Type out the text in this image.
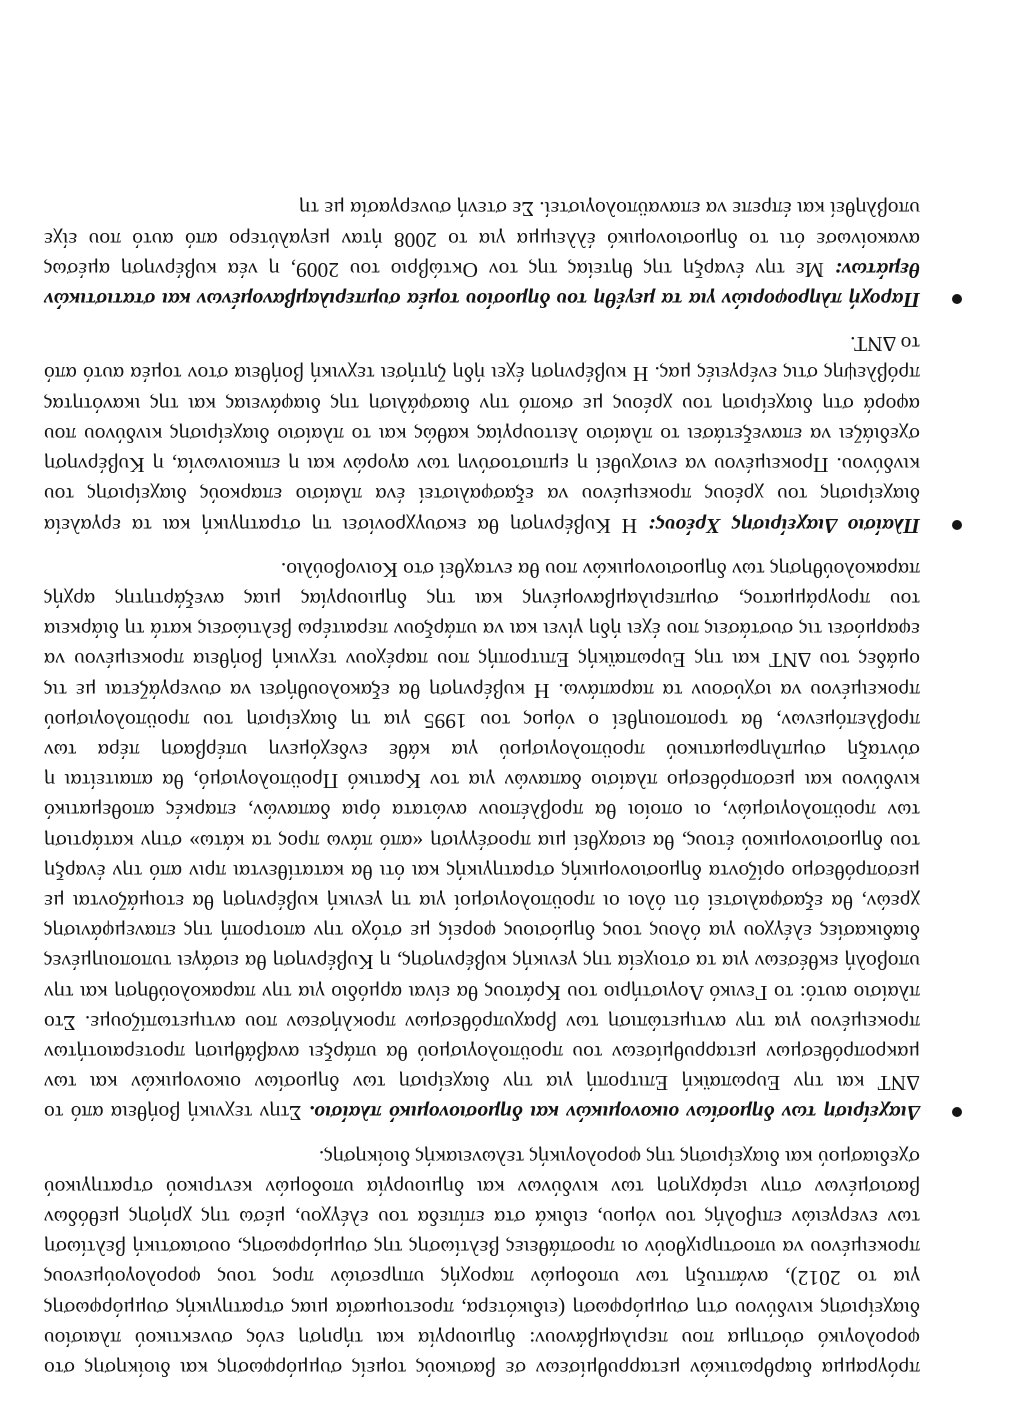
πρόγραμμα διαρθρωτικών μεταρρυθμίσεων σε βασικούς τομείς συμμόρφωσης και διοίκησης στο φορολογικό σύστημα που περιλαμβάνουν: δημιουργία και τήρηση ενός συνεκτικού πλαισίου διαχείρισης κινδύνου στη συμμόρφωση (ειδικότερα, προετοιμασία μιας στρατηγικής συμμόρφωσης για το 2012), ανάπτυξη των υποδομών παροχής υπηρεσιών προς τους φορολογούμενους προκειμένου να υποστηριχθούν οι προσπάθειες βελτίωσης της συμμόρφωσης, ουσιαστική βελτίωση των ενεργειών επιβολής του νόμου, ειδικά στα επίπεδα του ελέγχου, μέσω της χρήσης μεθόδων βασισμένων στην ιεράρχηση των κινδύνων και δημιουργία υποδομών κεντρικού στρατηγικού σχεδιασμού και διαχείρισης της φορολογικής τελωνειακής διοίκησης.

Διαχείριση των δημοσίων οικονομικών και δημοσιονομικό πλαίσιο. Στην τεχνική βοήθεια από το ΔΝΤ και την Ευρωπαϊκή Επιτροπή για την διαχείριση των δημοσίων οικονομικών και των μακροπρόθεσμων μεταρρυθμίσεων του προϋπολογισμού θα υπάρξει αναβάθμιση προτεραιοτήτων προκειμένου για την αντιμετώπιση των βραχυπρόθεσμων προκλήσεων που αντιμετωπίζουμε. Στο πλαίσιο αυτό: το Γενικό Λογιστήριο του Κράτους θα είναι αρμόδιο για την παρακολούθηση και την υποβολή εκθέσεων για τα στοιχεία της γενικής κυβέρνησης, η Κυβέρνηση θα εισάγει τυποποιημένες διαδικασίες ελέγχου για όλους τους δημόσιους φορείς με στόχο την αποτροπή της επανεμφάνισης χρεών, θα εξασφαλιστεί ότι όλοι οι προϋπολογισμοί για τη γενική κυβέρνηση θα ετοιμάζονται με μεσοπρόθεσμο ορίζοντα δημοσιονομικής στρατηγικής και ότι θα κατατίθενται πριν από την έναρξη του δημοσιονομικού έτους, θα εισαχθεί μια προσέγγιση «από πάνω προς τα κάτω» στην κατάρτιση των προϋπολογισμών, οι οποίοι θα προβλέπουν ανώτατα όρια δαπανών, επαρκές αποθεματικό κινδύνου και μεσοπρόθεσμο πλαίσιο δαπανών για τον Κρατικό Προϋπολογισμό, θα απαιτείται η σύνταξη συμπληρωματικού προϋπολογισμού για κάθε ενδεχόμενη υπέρβαση πέρα των προβλεπόμενων, θα τροποποιηθεί ο νόμος του 1995 για τη διαχείριση του προϋπολογισμού προκειμένου να ισχύσουν τα παραπάνω. Η κυβέρνηση θα εξακολουθήσει να συνεργάζεται με τις ομάδες του ΔΝΤ και της Ευρωπαϊκής Επιτροπής που παρέχουν τεχνική βοήθεια προκειμένου να εφαρμόσει τις συστάσεις που έχει ήδη γίνει και να υπάρξουν περαιτέρω βελτιώσεις κατά τη διάρκεια του προγράμματος, συμπεριλαμβανομένης και της δημιουργίας μιας ανεξάρτητης αρχής παρακολούθησης των δημοσιονομικών που θα ενταχθεί στο Κοινοβούλιο.
Πλαίσιο Διαχείρισης Χρέους: Η Κυβέρνηση θα εκσυγχρονίσει τη στρατηγική και τα εργαλεία διαχείρισης του χρέους προκειμένου να εξασφαλιστεί ένα πλαίσιο επαρκούς διαχείρισης του κινδύνου. Προκειμένου να ενισχυθεί η εμπιστοσύνη των αγορών και η επικοινωνία, η Κυβέρνηση σχεδιάζει να επανεξετάσει το πλαίσιο λειτουργίας καθώς και το πλαίσιο διαχείρισης κινδύνου που αφορά στη διαχείριση του χρέους με σκοπό την διασφάλιση της διαφάνειας και της ικανότητας πρόβλεψης στις ενέργειές μας. Η κυβέρνηση έχει ήδη ζητήσει τεχνική βοήθεια στον τομέα αυτό από το ΔΝΤ.
Παροχή πληροφοριών για τα μεγέθη του δημοσίου τομέα συμπεριλαμβανομένων και στατιστικών θεμάτων: Με την έναρξη της θητείας της τον Οκτώβριο του 2009, η νέα κυβέρνηση αμέσως ανακοίνωσε ότι το δημοσιονομικό έλλειμμα για το 2008 ήταν μεγαλύτερο από αυτό που είχε υποβληθεί και έπρεπε να επαναϋπολογιστεί. Σε στενή συνεργασία με τη
